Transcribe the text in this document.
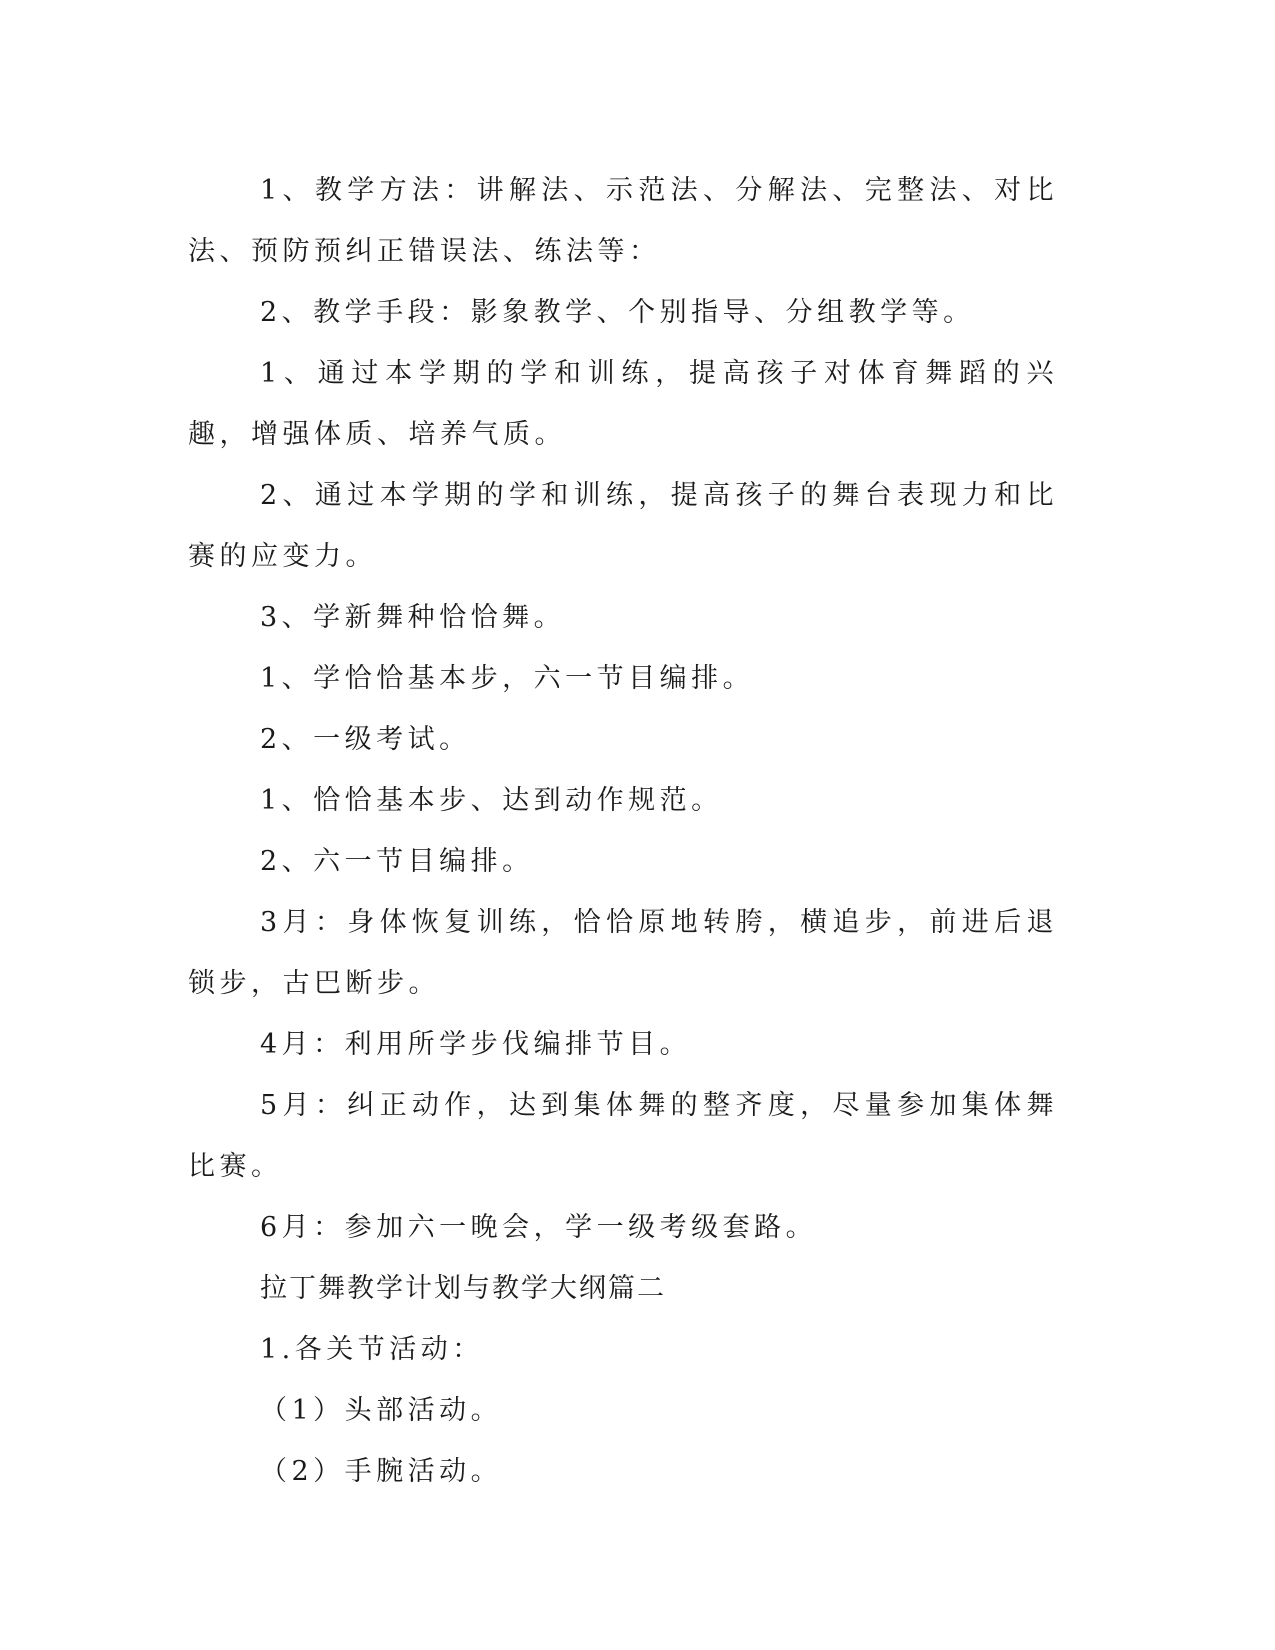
1、教学方法：讲解法、示范法、分解法、完整法、对比法、预防预纠正错误法、练法等：

2、教学手段：影象教学、个别指导、分组教学等。

1、通过本学期的学和训练，提高孩子对体育舞蹈的兴趣，增强体质、培养气质。

2、通过本学期的学和训练，提高孩子的舞台表现力和比赛的应变力。

3、学新舞种恰恰舞。

1、学恰恰基本步，六一节目编排。

2、一级考试。

1、恰恰基本步、达到动作规范。

2、六一节目编排。

3月：身体恢复训练，恰恰原地转胯，横追步，前进后退锁步，古巴断步。

4月：利用所学步伐编排节目。

5月：纠正动作，达到集体舞的整齐度，尽量参加集体舞比赛。

6月：参加六一晚会，学一级考级套路。

拉丁舞教学计划与教学大纲篇二

1.各关节活动：

（1）头部活动。

（2）手腕活动。
